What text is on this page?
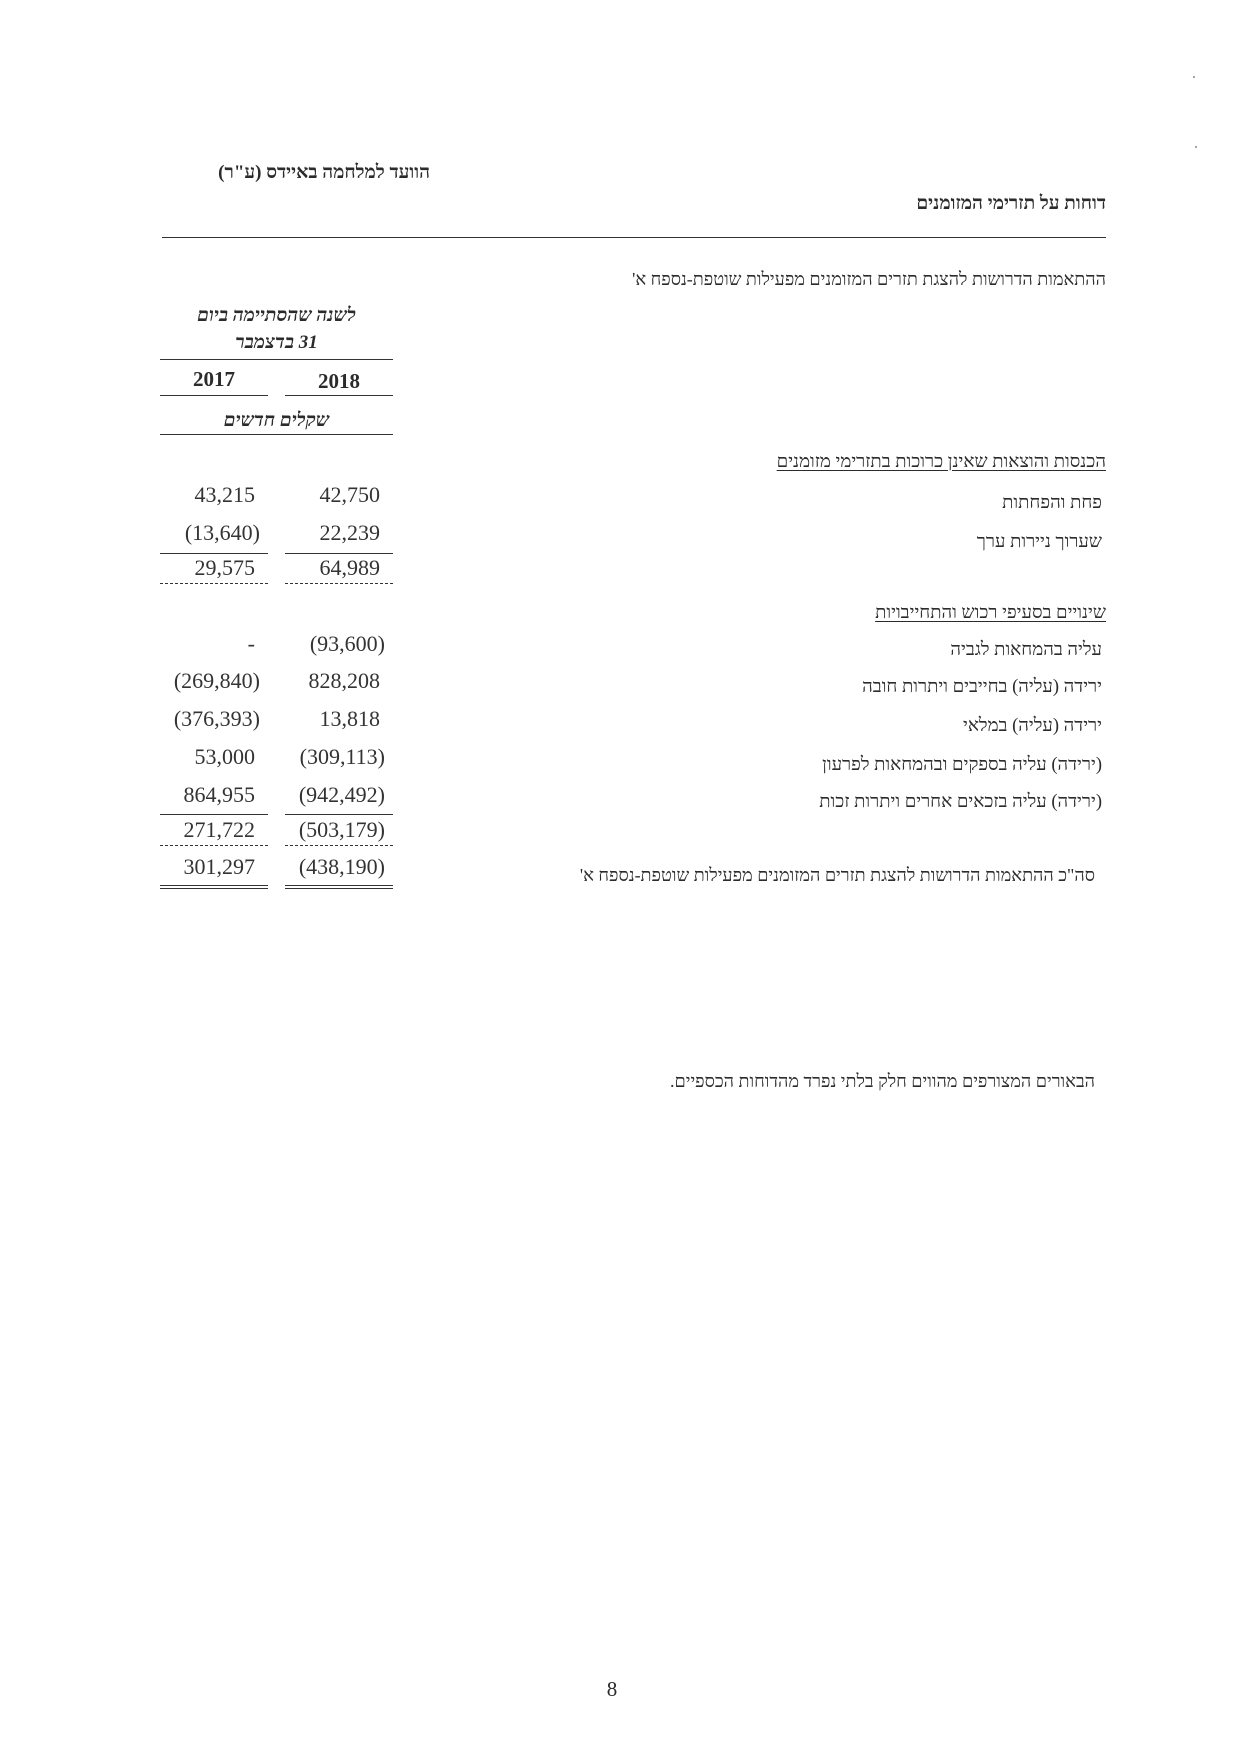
הוועד למלחמה באיידס (ע"ר)
דוחות על תזרימי המזומנים
ההתאמות הדרושות להצגת תזרים המזומנים מפעילות שוטפת-נספח א'
לשנה שהסתיימה ביום
31 בדצמבר
2018
2017
שקלים חדשים
הכנסות והוצאות שאינן כרוכות בתזרימי מזומנים
פחת והפחתות
42,750
43,215
שערוך ניירות ערך
22,239
(13,640)
64,989
29,575
שינויים בסעיפי רכוש והתחייבויות
עליה בהמחאות לגביה
(93,600)
-
ירידה (עליה) בחייבים ויתרות חובה
828,208
(269,840)
ירידה (עליה) במלאי
13,818
(376,393)
(ירידה) עליה בספקים ובהמחאות לפרעון
(309,113)
53,000
(ירידה) עליה בזכאים אחרים ויתרות זכות
(942,492)
864,955
(503,179)
271,722
סה"כ ההתאמות הדרושות להצגת תזרים המזומנים מפעילות שוטפת-נספח א'
(438,190)
301,297
הבאורים המצורפים מהווים חלק בלתי נפרד מהדוחות הכספיים.
8
